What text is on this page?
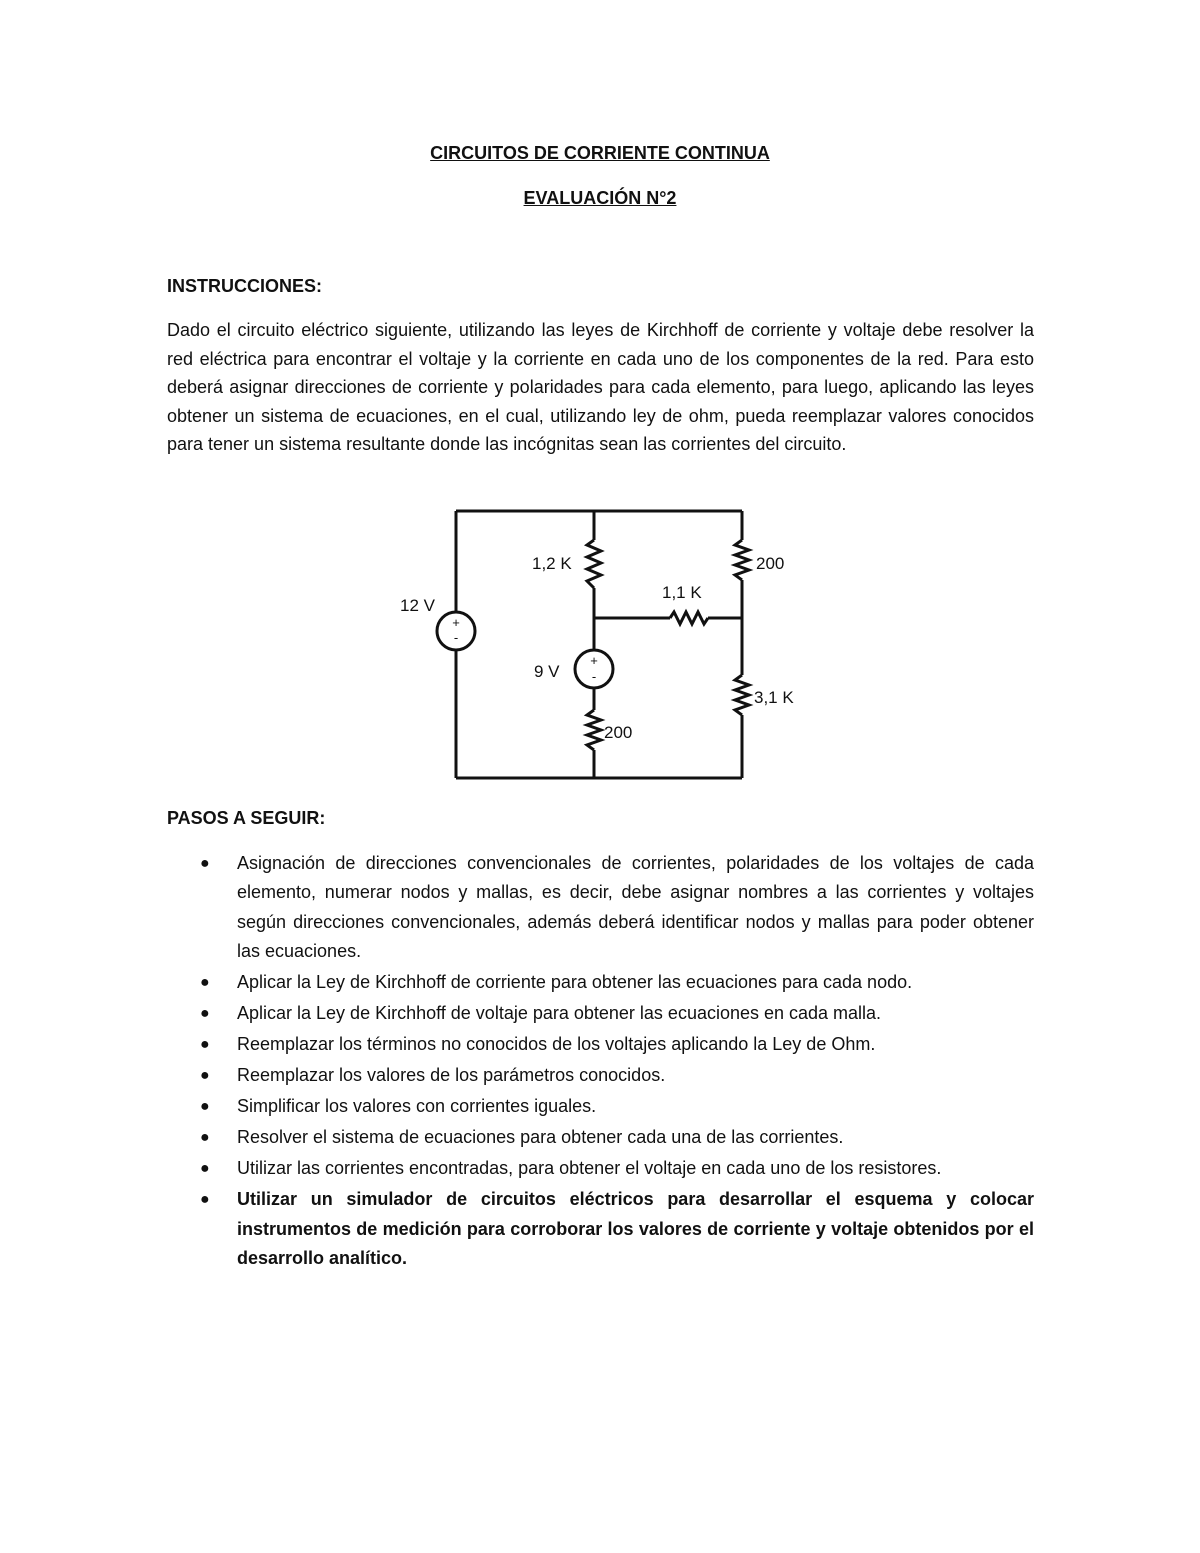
CIRCUITOS DE CORRIENTE CONTINUA
EVALUACIÓN N°2
INSTRUCCIONES:
Dado el circuito eléctrico siguiente, utilizando las leyes de Kirchhoff de corriente y voltaje debe resolver la red eléctrica para encontrar el voltaje y la corriente en cada uno de los componentes de la red. Para esto deberá asignar direcciones de corriente y polaridades para cada elemento, para luego, aplicando las leyes obtener un sistema de ecuaciones, en el cual, utilizando ley de ohm, pueda reemplazar valores conocidos para tener un sistema resultante donde las incógnitas sean las corrientes del circuito.
+
-
+
-
12 V
9 V
1,2 K	200
1,1 K
3,1 K
200
PASOS A SEGUIR:
● Asignación de direcciones convencionales de corrientes, polaridades de los voltajes de cada elemento, numerar nodos y mallas, es decir, debe asignar nombres a las corrientes y voltajes según direcciones convencionales, además deberá identificar nodos y mallas para poder obtener las ecuaciones.
● Aplicar la Ley de Kirchhoff de corriente para obtener las ecuaciones para cada nodo.
● Aplicar la Ley de Kirchhoff de voltaje para obtener las ecuaciones en cada malla.
● Reemplazar los términos no conocidos de los voltajes aplicando la Ley de Ohm.
● Reemplazar los valores de los parámetros conocidos.
● Simplificar los valores con corrientes iguales.
● Resolver el sistema de ecuaciones para obtener cada una de las corrientes.
● Utilizar las corrientes encontradas, para obtener el voltaje en cada uno de los resistores.
● Utilizar un simulador de circuitos eléctricos para desarrollar el esquema y colocar instrumentos de medición para corroborar los valores de corriente y voltaje obtenidos por el desarrollo analítico.
